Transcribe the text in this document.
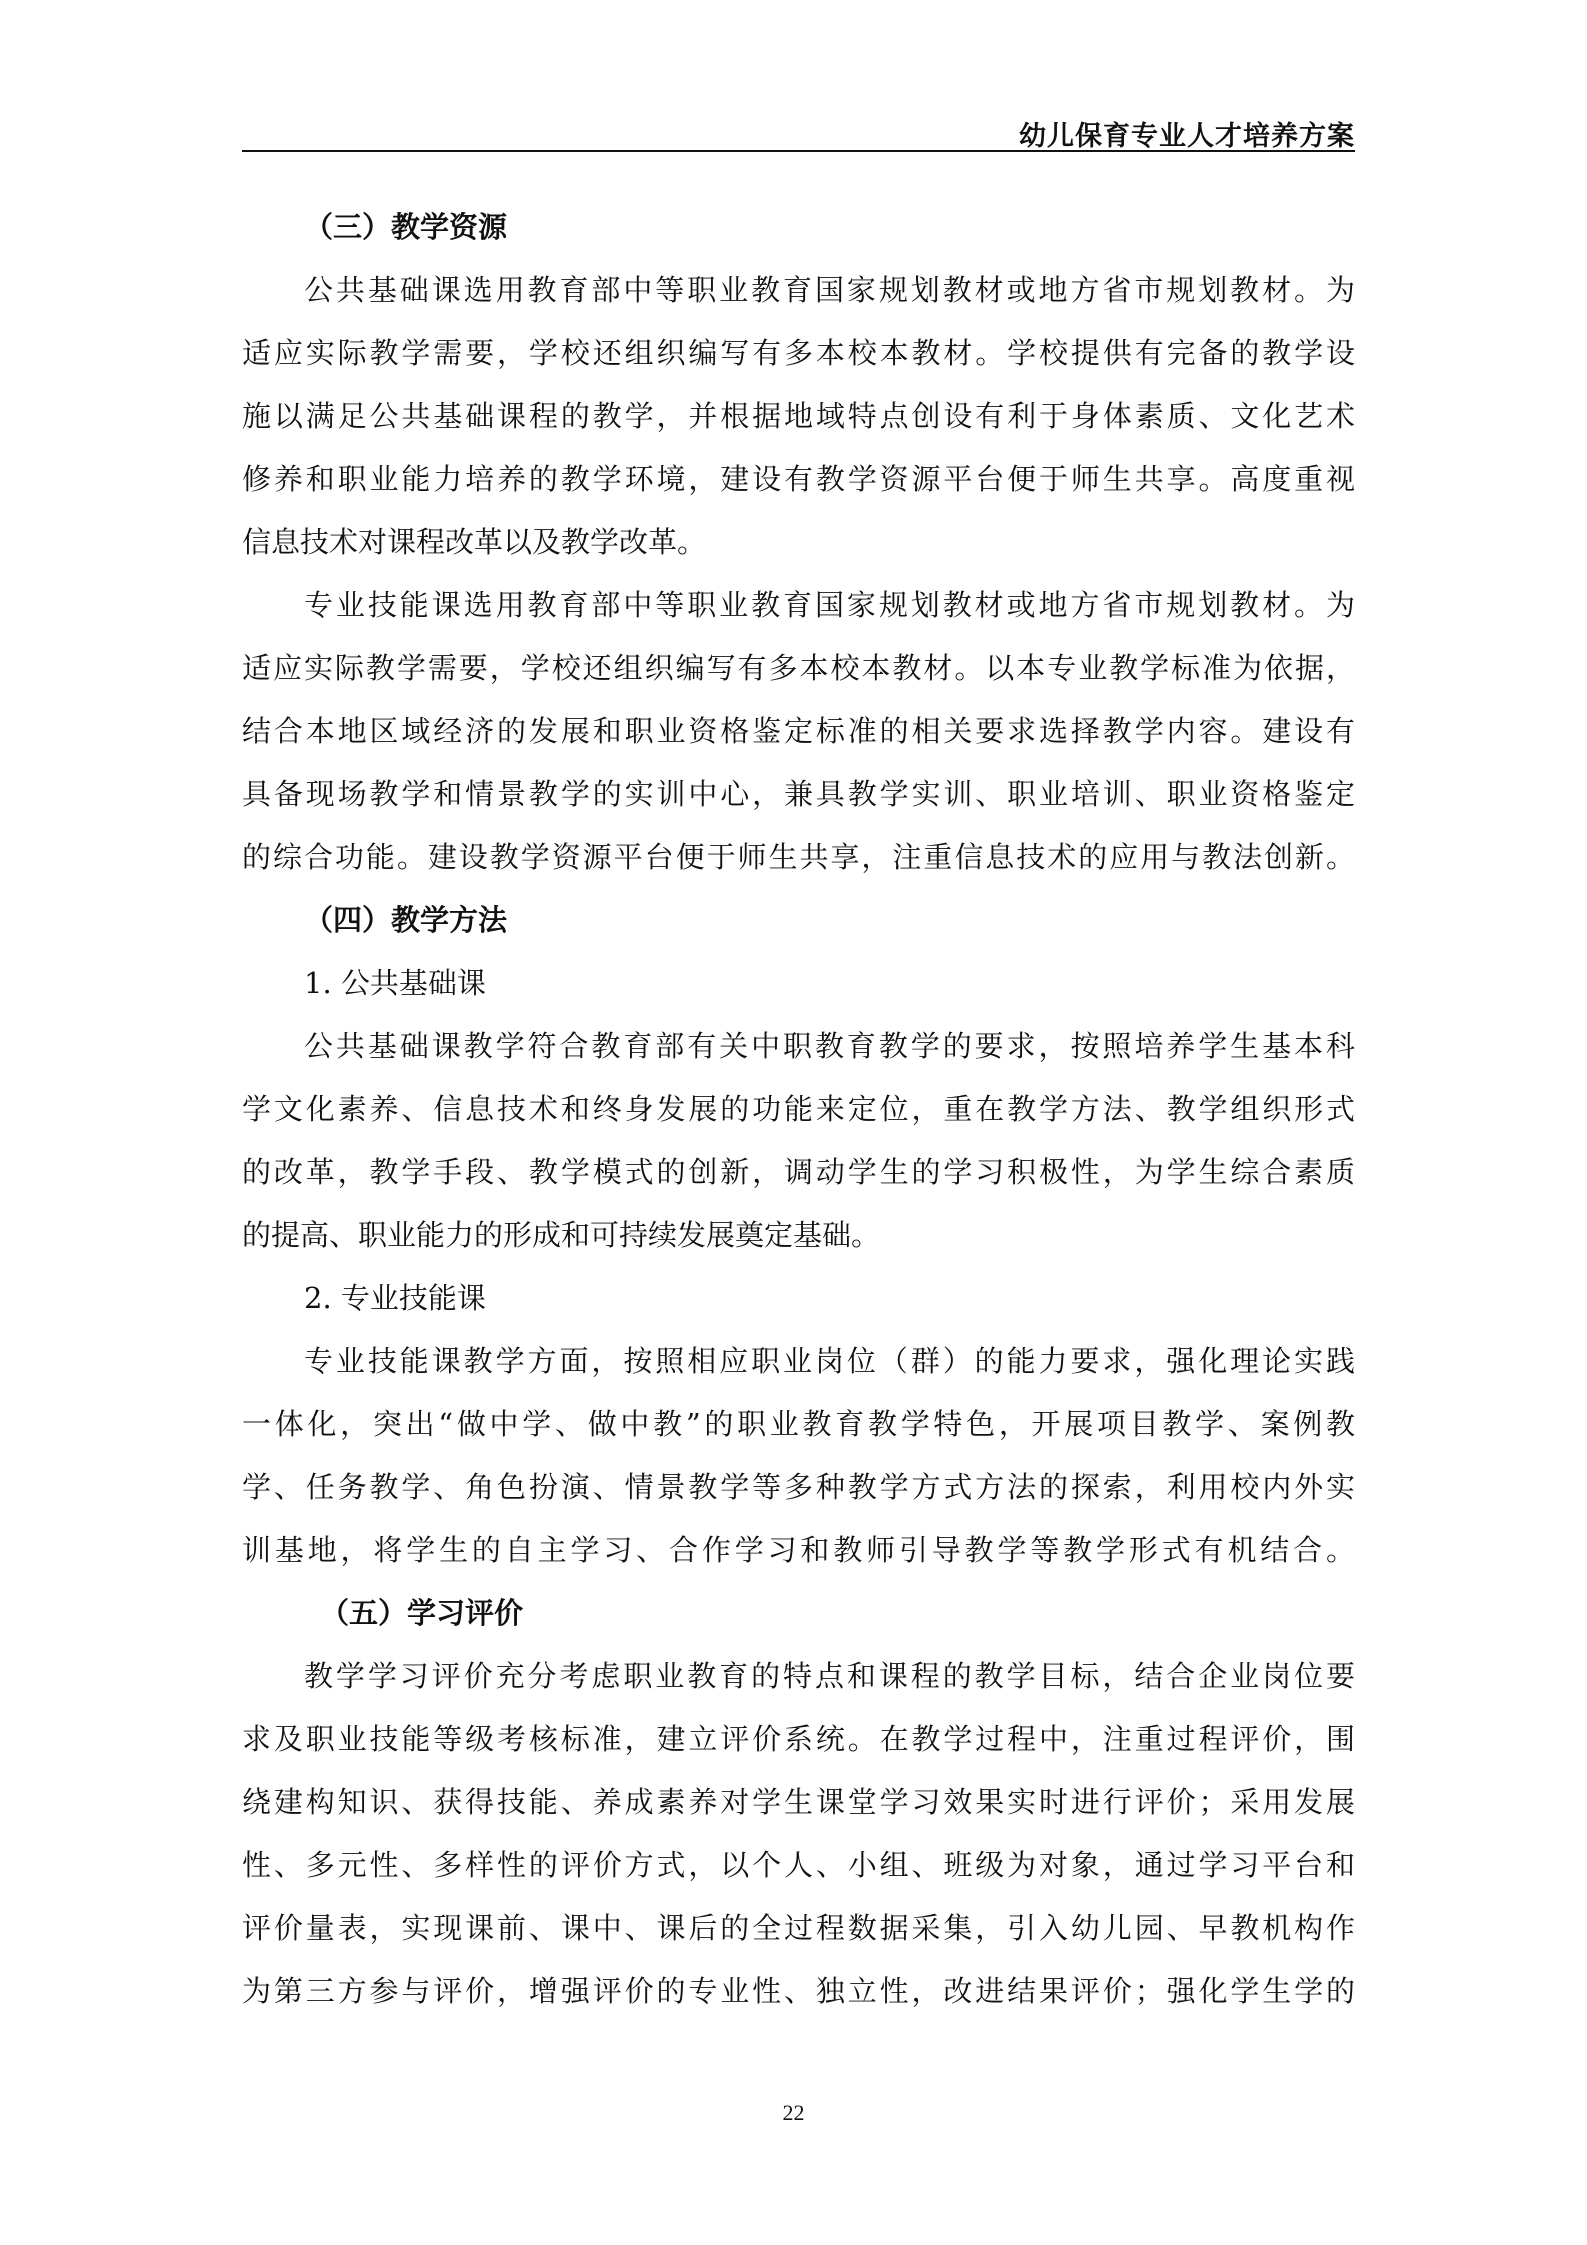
幼儿保育专业人才培养方案
（三）教学资源
公共基础课选用教育部中等职业教育国家规划教材或地方省市规划教材。为
适应实际教学需要，学校还组织编写有多本校本教材。学校提供有完备的教学设
施以满足公共基础课程的教学，并根据地域特点创设有利于身体素质、文化艺术
修养和职业能力培养的教学环境，建设有教学资源平台便于师生共享。高度重视
信息技术对课程改革以及教学改革。
专业技能课选用教育部中等职业教育国家规划教材或地方省市规划教材。为
适应实际教学需要，学校还组织编写有多本校本教材。以本专业教学标准为依据，
结合本地区域经济的发展和职业资格鉴定标准的相关要求选择教学内容。建设有
具备现场教学和情景教学的实训中心，兼具教学实训、职业培训、职业资格鉴定
的综合功能。建设教学资源平台便于师生共享，注重信息技术的应用与教法创新。
（四）教学方法
1. 公共基础课
公共基础课教学符合教育部有关中职教育教学的要求，按照培养学生基本科
学文化素养、信息技术和终身发展的功能来定位，重在教学方法、教学组织形式
的改革，教学手段、教学模式的创新，调动学生的学习积极性，为学生综合素质
的提高、职业能力的形成和可持续发展奠定基础。
2. 专业技能课
专业技能课教学方面，按照相应职业岗位（群）的能力要求，强化理论实践
一体化，突出“做中学、做中教”的职业教育教学特色，开展项目教学、案例教
学、任务教学、角色扮演、情景教学等多种教学方式方法的探索，利用校内外实
训基地，将学生的自主学习、合作学习和教师引导教学等教学形式有机结合。
（五）学习评价
教学学习评价充分考虑职业教育的特点和课程的教学目标，结合企业岗位要
求及职业技能等级考核标准，建立评价系统。在教学过程中，注重过程评价，围
绕建构知识、获得技能、养成素养对学生课堂学习效果实时进行评价；采用发展
性、多元性、多样性的评价方式，以个人、小组、班级为对象，通过学习平台和
评价量表，实现课前、课中、课后的全过程数据采集，引入幼儿园、早教机构作
为第三方参与评价，增强评价的专业性、独立性，改进结果评价；强化学生学的
22
